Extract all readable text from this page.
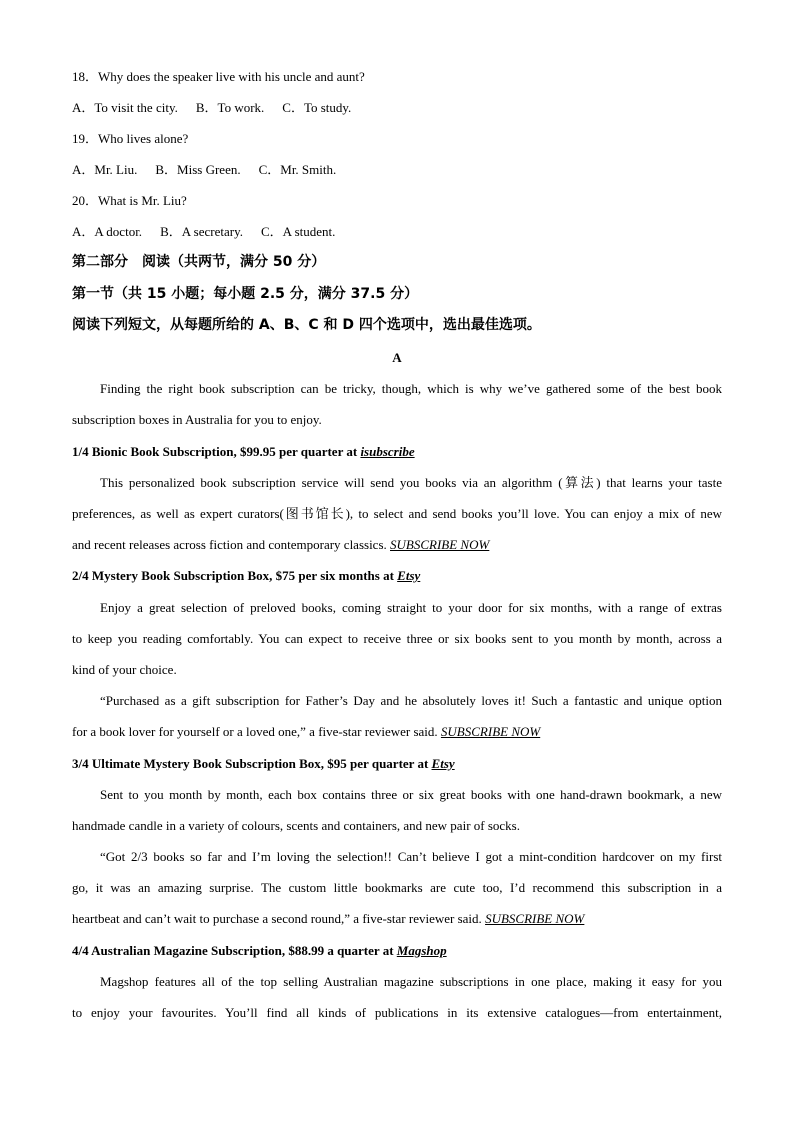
18．Why does the speaker live with his uncle and aunt?
A．To visit the city. B．To work. C．To study.
19．Who lives alone?
A．Mr. Liu. B．Miss Green. C．Mr. Smith.
20．What is Mr. Liu?
A．A doctor. B．A secretary. C．A student.
第二部分　阅读（共两节，满分 50 分）
第一节（共 15 小题；每小题 2.5 分，满分 37.5 分）
阅读下列短文，从每题所给的 A、B、C 和 D 四个选项中，选出最佳选项。
A
Finding the right book subscription can be tricky, though, which is why we’ve gathered some of the best book
subscription boxes in Australia for you to enjoy.
1/4 Bionic Book Subscription, $99.95 per quarter at isubscribe
This personalized book subscription service will send you books via an algorithm (算法) that learns your taste
preferences, as well as expert curators(图书馆长), to select and send books you’ll love. You can enjoy a mix of new
and recent releases across fiction and contemporary classics. SUBSCRIBE NOW
2/4 Mystery Book Subscription Box, $75 per six months at Etsy
Enjoy a great selection of preloved books, coming straight to your door for six months, with a range of extras
to keep you reading comfortably. You can expect to receive three or six books sent to you month by month, across a
kind of your choice.
“Purchased as a gift subscription for Father’s Day and he absolutely loves it! Such a fantastic and unique option
for a book lover for yourself or a loved one,” a five-star reviewer said. SUBSCRIBE NOW
3/4 Ultimate Mystery Book Subscription Box, $95 per quarter at Etsy
Sent to you month by month, each box contains three or six great books with one hand-drawn bookmark, a new
handmade candle in a variety of colours, scents and containers, and new pair of socks.
“Got 2/3 books so far and I’m loving the selection!! Can’t believe I got a mint-condition hardcover on my first
go, it was an amazing surprise. The custom little bookmarks are cute too, I’d recommend this subscription in a
heartbeat and can’t wait to purchase a second round,” a five-star reviewer said. SUBSCRIBE NOW
4/4 Australian Magazine Subscription, $88.99 a quarter at Magshop
Magshop features all of the top selling Australian magazine subscriptions in one place, making it easy for you
to enjoy your favourites. You’ll find all kinds of publications in its extensive catalogues—from entertainment,
